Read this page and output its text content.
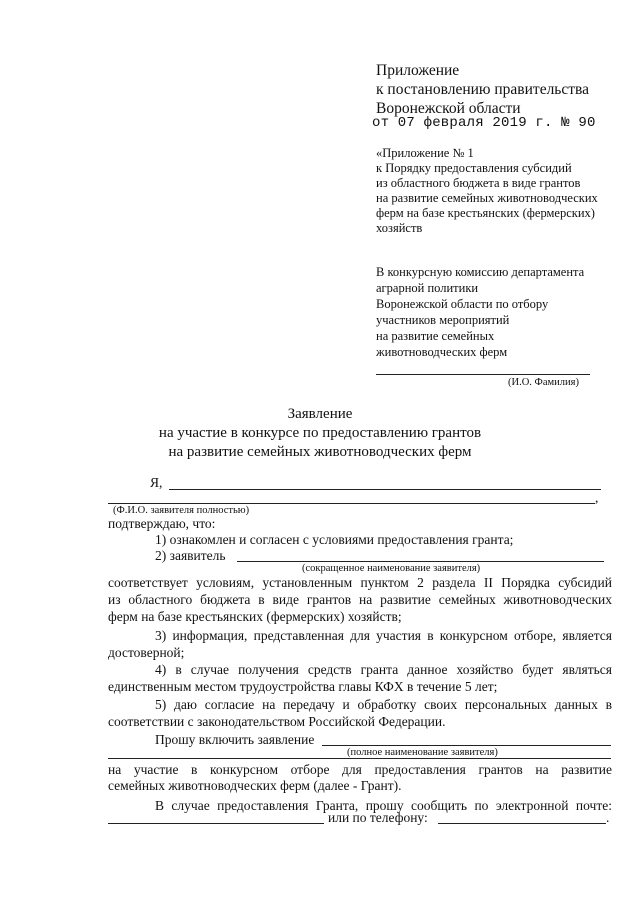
Приложение
к постановлению правительства
Воронежской области
от 07 февраля 2019 г. № 90
«Приложение № 1
к Порядку предоставления субсидий
из областного бюджета в виде грантов
на развитие семейных животноводческих
ферм на базе крестьянских (фермерских)
хозяйств
В конкурсную комиссию департамента
аграрной политики
Воронежской области по отбору
участников мероприятий
на развитие семейных
животноводческих ферм
(И.О. Фамилия)
Заявление
на участие в конкурсе по предоставлению грантов
на развитие семейных животноводческих ферм
Я,
,
(Ф.И.О. заявителя полностью)
подтверждаю, что:
1) ознакомлен и согласен с условиями предоставления гранта;
2) заявитель
(сокращенное наименование заявителя)
соответствует условиям, установленным пунктом 2 раздела II Порядка субсидий
из областного бюджета в виде грантов на развитие семейных животноводческих
ферм на базе крестьянских (фермерских) хозяйств;
3) информация, представленная для участия в конкурсном отборе, является
достоверной;
4) в случае получения средств гранта данное хозяйство будет являться
единственным местом трудоустройства главы КФХ в течение 5 лет;
5) даю согласие на передачу и обработку своих персональных данных в
соответствии с законодательством Российской Федерации.
Прошу включить заявление
(полное наименование заявителя)
на участие в конкурсном отборе для предоставления грантов на развитие
семейных животноводческих ферм (далее - Грант).
В случае предоставления Гранта, прошу сообщить по электронной почте:
или по телефону:	.
